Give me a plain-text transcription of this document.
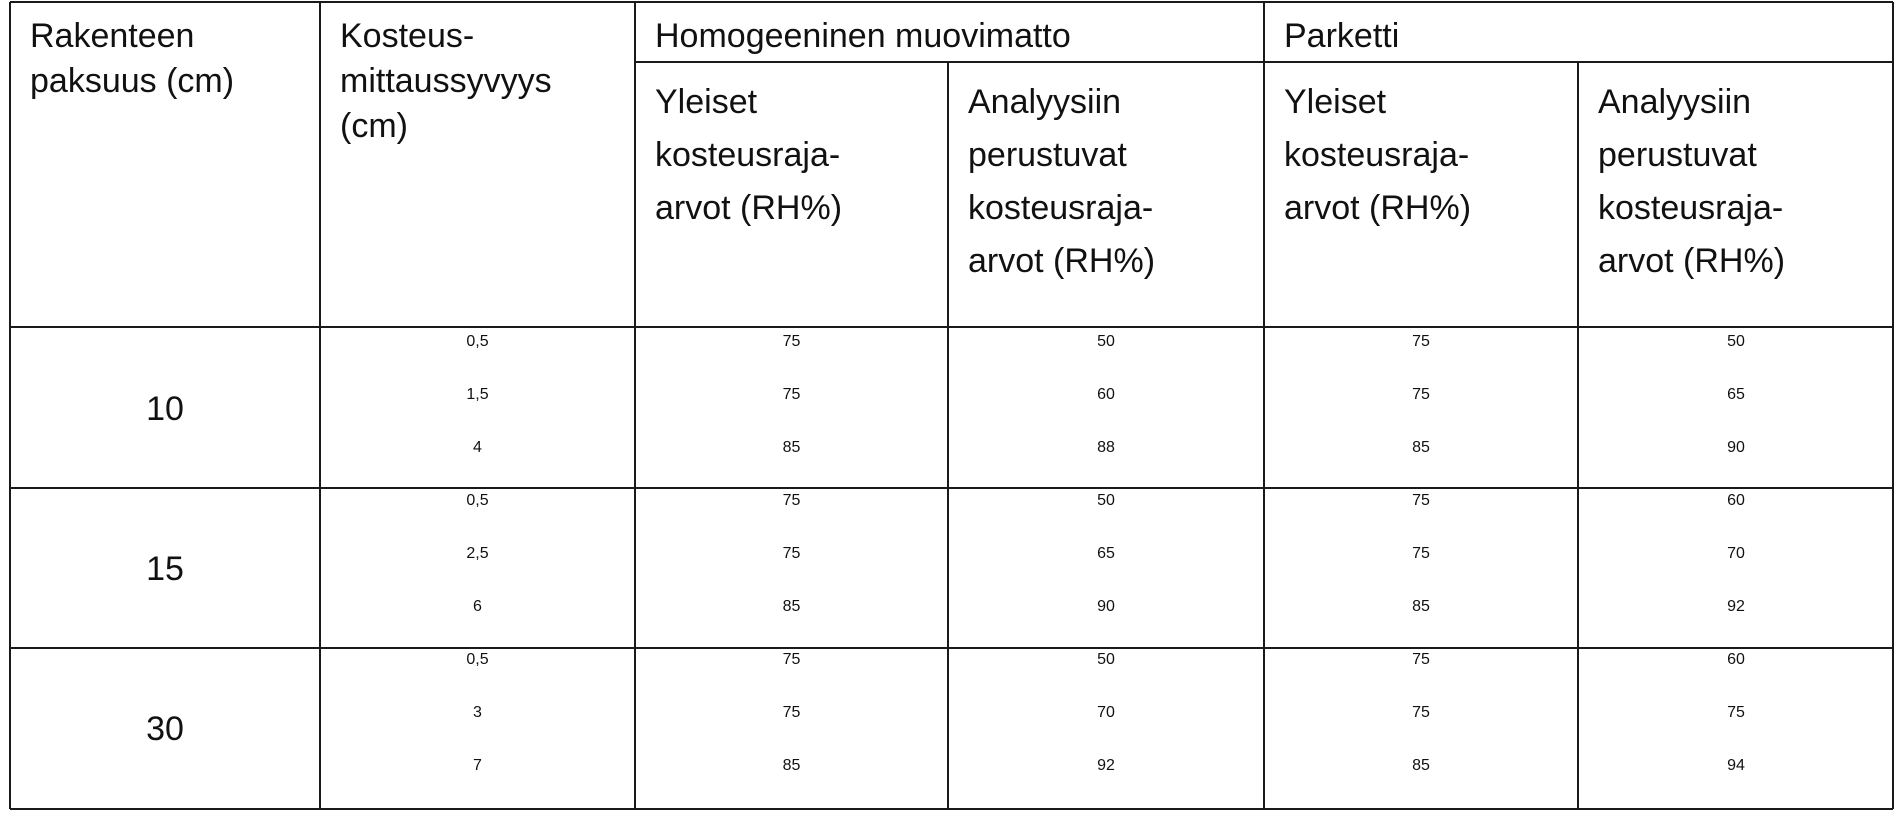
Rakenteen
paksuus (cm)
Kosteus-
mittaussyvyys
(cm)
Homogeeninen muovimatto	Parketti
Yleiset
kosteusraja-
arvot (RH%)
Analyysiin
perustuvat
kosteusraja-
arvot (RH%)
Yleiset
kosteusraja-
arvot (RH%)
Analyysiin
perustuvat
kosteusraja-
arvot (RH%)
10
0,5
1,5
4
75
75
85
50
60
88
75
75
85
50
65
90
15
0,5
2,5
6
75
75
85
50
65
90
75
75
85
60
70
92
30
0,5
3
7
75
75
85
50
70
92
75
75
85
60
75
94
